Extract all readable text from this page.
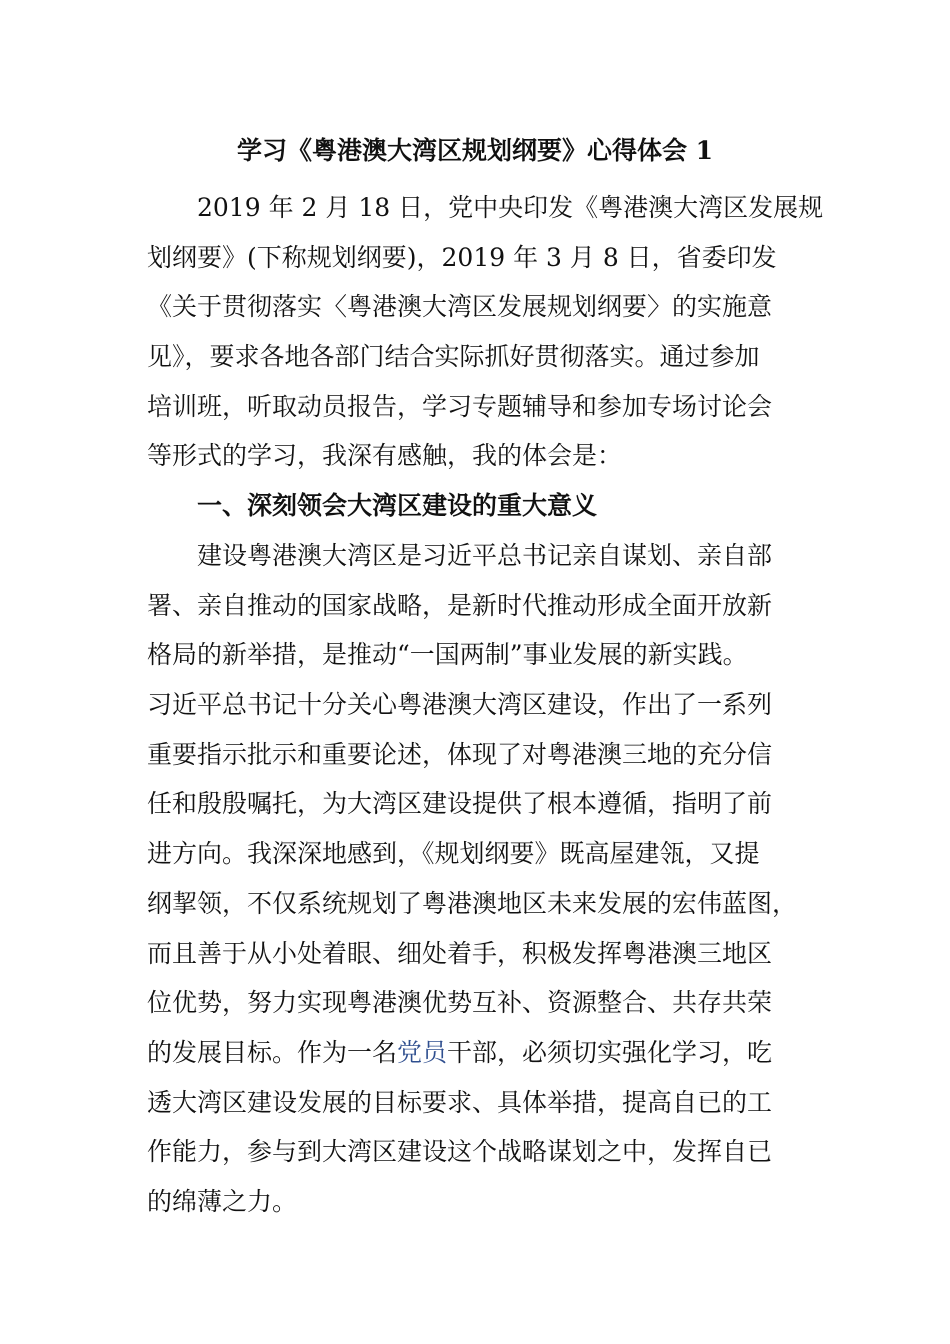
学习《粤港澳大湾区规划纲要》心得体会 1
2019 年 2 月 18 日，党中央印发《粤港澳大湾区发展规
划纲要》(下称规划纲要)，2019 年 3 月 8 日，省委印发
《关于贯彻落实〈粤港澳大湾区发展规划纲要〉的实施意
见》，要求各地各部门结合实际抓好贯彻落实。通过参加
培训班，听取动员报告，学习专题辅导和参加专场讨论会
等形式的学习，我深有感触，我的体会是：
一、深刻领会大湾区建设的重大意义
建设粤港澳大湾区是习近平总书记亲自谋划、亲自部
署、亲自推动的国家战略，是新时代推动形成全面开放新
格局的新举措，是推动“一国两制”事业发展的新实践。
习近平总书记十分关心粤港澳大湾区建设，作出了一系列
重要指示批示和重要论述，体现了对粤港澳三地的充分信
任和殷殷嘱托，为大湾区建设提供了根本遵循，指明了前
进方向。我深深地感到，《规划纲要》既高屋建瓴，又提
纲挈领，不仅系统规划了粤港澳地区未来发展的宏伟蓝图，
而且善于从小处着眼、细处着手，积极发挥粤港澳三地区
位优势，努力实现粤港澳优势互补、资源整合、共存共荣
的发展目标。作为一名党员干部，必须切实强化学习，吃
透大湾区建设发展的目标要求、具体举措，提高自已的工
作能力，参与到大湾区建设这个战略谋划之中，发挥自已
的绵薄之力。
